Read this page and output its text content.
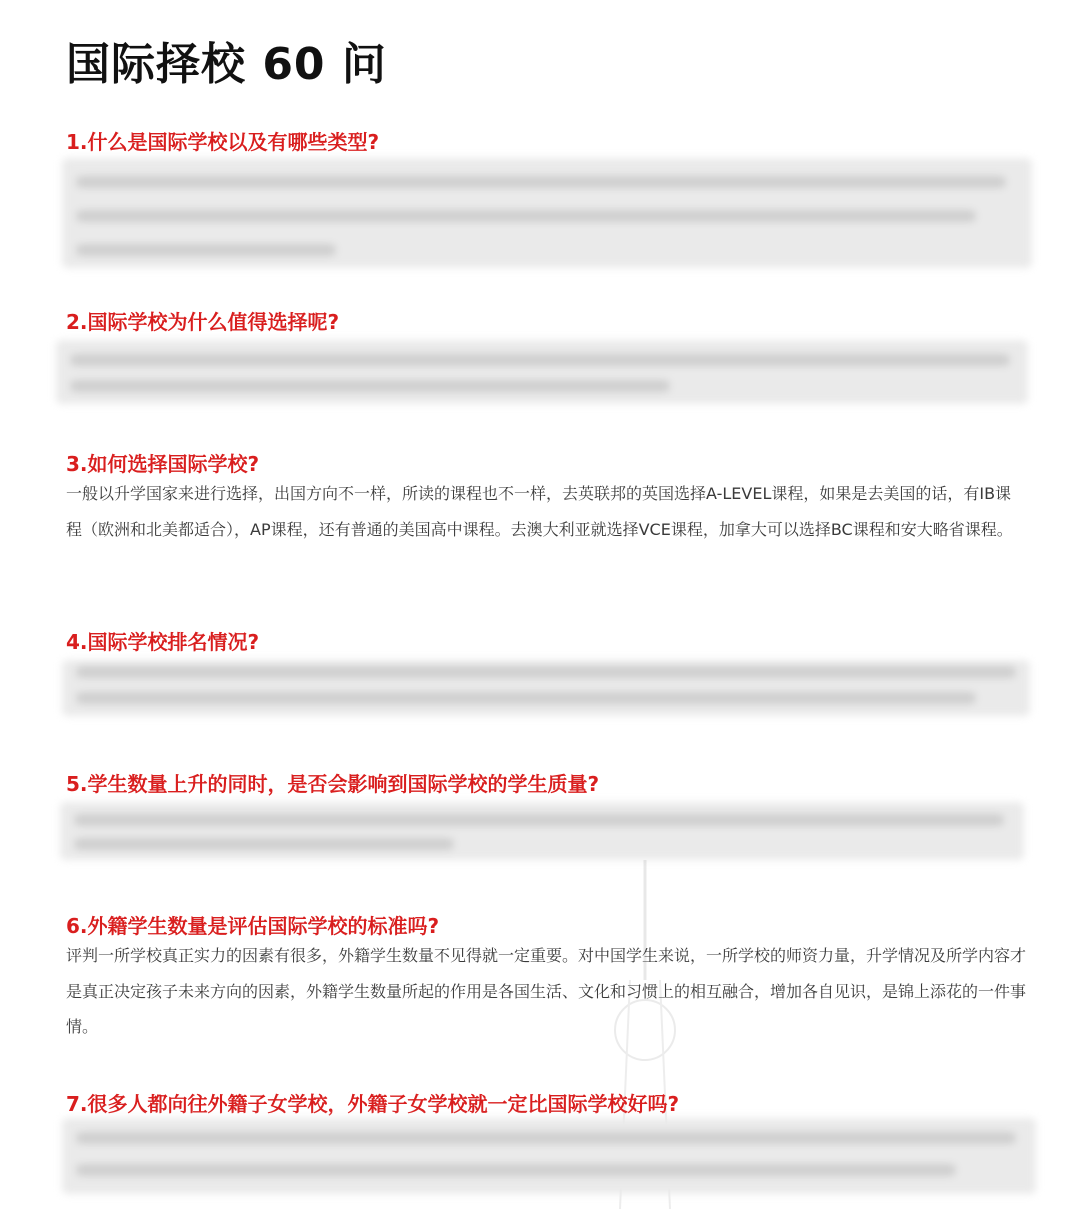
国际择校 60 问
1.什么是国际学校以及有哪些类型?
2.国际学校为什么值得选择呢?
3.如何选择国际学校?
一般以升学国家来进行选择，出国方向不一样，所读的课程也不一样，去英联邦的英国选择A-LEVEL课程，如果是去美国的话，有IB课程（欧洲和北美都适合），AP课程，还有普通的美国高中课程。去澳大利亚就选择VCE课程，加拿大可以选择BC课程和安大略省课程。
4.国际学校排名情况?
5.学生数量上升的同时，是否会影响到国际学校的学生质量?
6.外籍学生数量是评估国际学校的标准吗?
评判一所学校真正实力的因素有很多，外籍学生数量不见得就一定重要。对中国学生来说，一所学校的师资力量，升学情况及所学内容才是真正决定孩子未来方向的因素，外籍学生数量所起的作用是各国生活、文化和习惯上的相互融合，增加各自见识，是锦上添花的一件事情。
7.很多人都向往外籍子女学校，外籍子女学校就一定比国际学校好吗?
